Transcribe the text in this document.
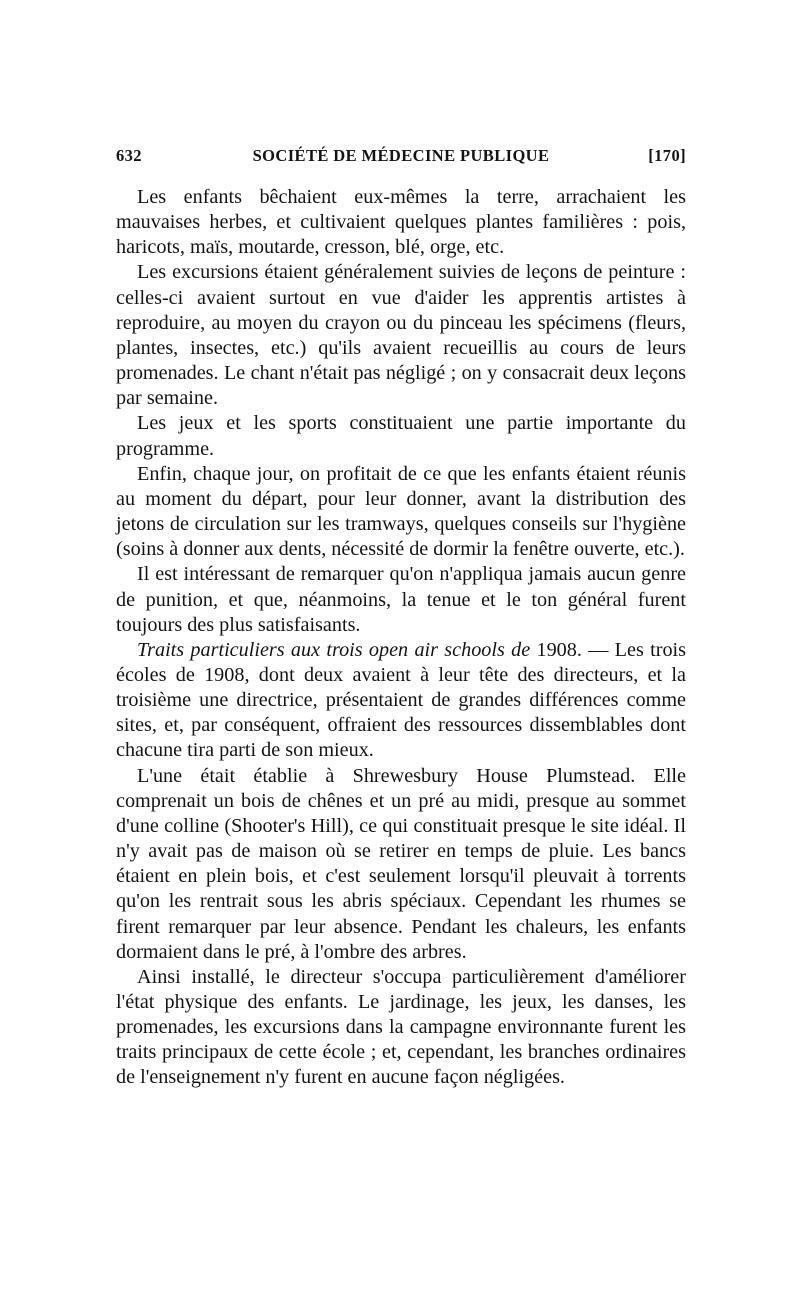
632	SOCIÉTÉ DE MÉDECINE PUBLIQUE	[170]

Les enfants bêchaient eux-mêmes la terre, arrachaient les mauvaises herbes, et cultivaient quelques plantes familières : pois, haricots, maïs, moutarde, cresson, blé, orge, etc.

Les excursions étaient généralement suivies de leçons de peinture : celles-ci avaient surtout en vue d'aider les apprentis artistes à reproduire, au moyen du crayon ou du pinceau les spécimens (fleurs, plantes, insectes, etc.) qu'ils avaient recueillis au cours de leurs promenades. Le chant n'était pas négligé ; on y consacrait deux leçons par semaine.

Les jeux et les sports constituaient une partie importante du programme.

Enfin, chaque jour, on profitait de ce que les enfants étaient réunis au moment du départ, pour leur donner, avant la distribution des jetons de circulation sur les tramways, quelques conseils sur l'hygiène (soins à donner aux dents, nécessité de dormir la fenêtre ouverte, etc.).

Il est intéressant de remarquer qu'on n'appliqua jamais aucun genre de punition, et que, néanmoins, la tenue et le ton général furent toujours des plus satisfaisants.

Traits particuliers aux trois open air schools de 1908. — Les trois écoles de 1908, dont deux avaient à leur tête des directeurs, et la troisième une directrice, présentaient de grandes différences comme sites, et, par conséquent, offraient des ressources dissemblables dont chacune tira parti de son mieux.

L'une était établie à Shrewesbury House Plumstead. Elle comprenait un bois de chênes et un pré au midi, presque au sommet d'une colline (Shooter's Hill), ce qui constituait presque le site idéal. Il n'y avait pas de maison où se retirer en temps de pluie. Les bancs étaient en plein bois, et c'est seulement lorsqu'il pleuvait à torrents qu'on les rentrait sous les abris spéciaux. Cependant les rhumes se firent remarquer par leur absence. Pendant les chaleurs, les enfants dormaient dans le pré, à l'ombre des arbres.

Ainsi installé, le directeur s'occupa particulièrement d'améliorer l'état physique des enfants. Le jardinage, les jeux, les danses, les promenades, les excursions dans la campagne environnante furent les traits principaux de cette école ; et, cependant, les branches ordinaires de l'enseignement n'y furent en aucune façon négligées.
